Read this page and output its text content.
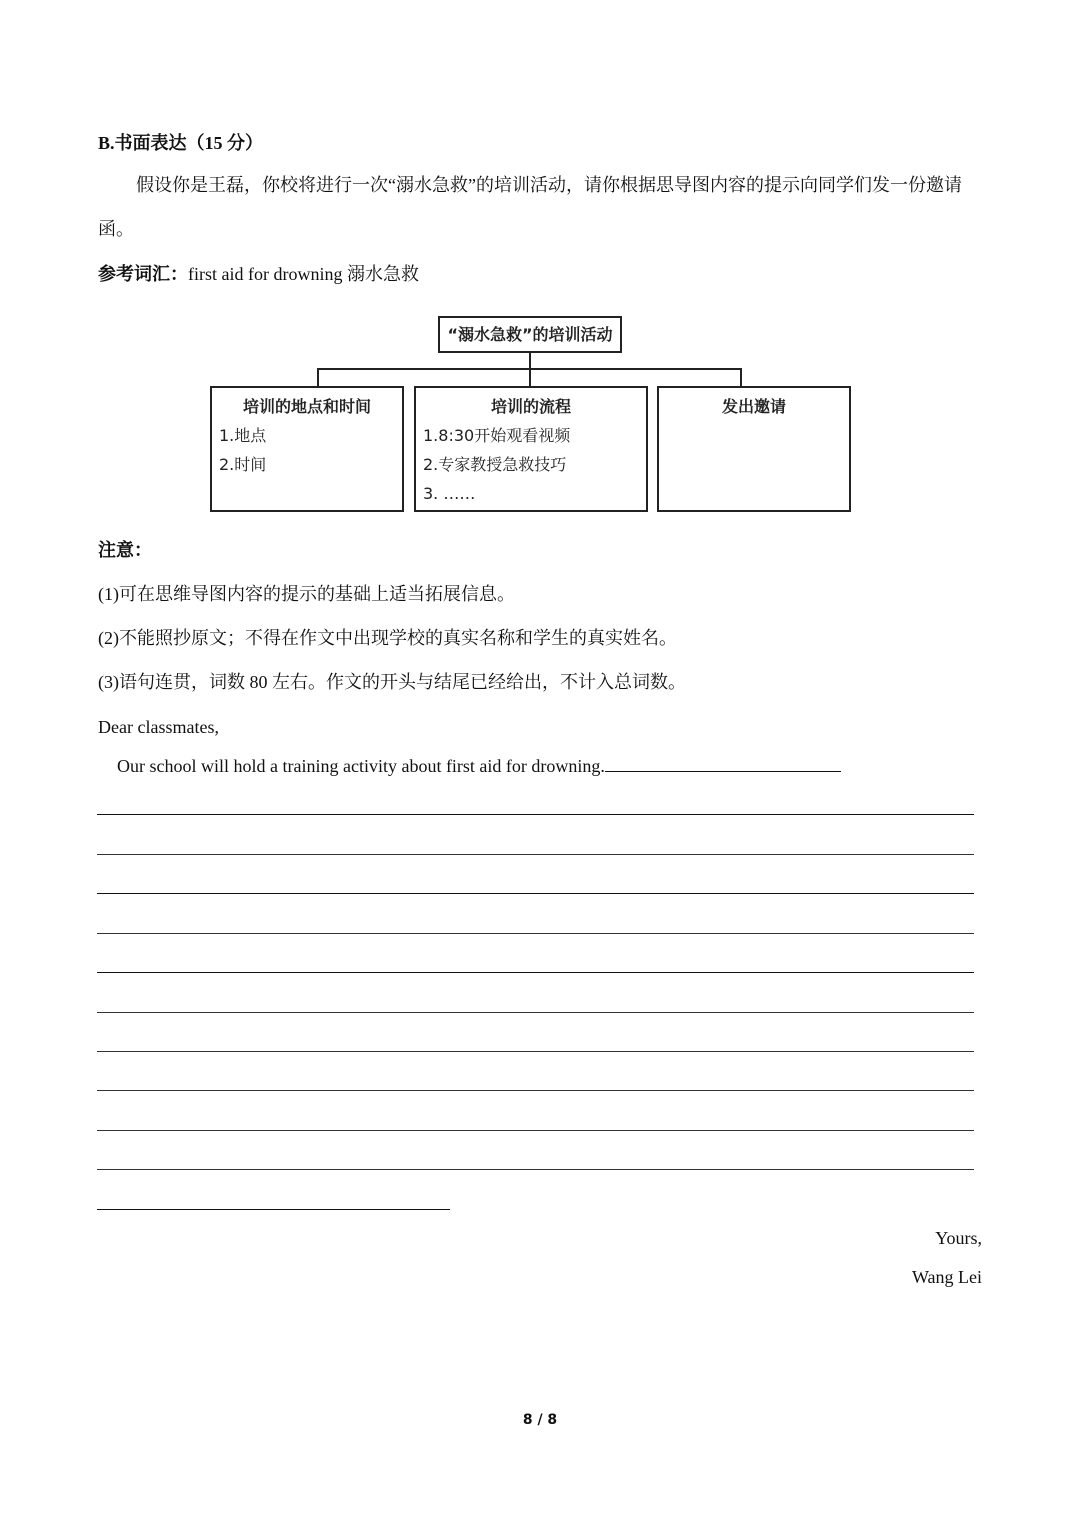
B.书面表达（15 分）
假设你是王磊，你校将进行一次“溺水急救”的培训活动，请你根据思导图内容的提示向同学们发一份邀请函。
参考词汇：first aid for drowning 溺水急救
“溺水急救”的培训活动
培训的地点和时间
1.地点
2.时间
培训的流程
1.8:30开始观看视频
2.专家教授急救技巧
3. ……
发出邀请
注意：
(1)可在思维导图内容的提示的基础上适当拓展信息。
(2)不能照抄原文；不得在作文中出现学校的真实名称和学生的真实姓名。
(3)语句连贯，词数 80 左右。作文的开头与结尾已经给出，不计入总词数。
Dear classmates,
Our school will hold a training activity about first aid for drowning.
Yours,
Wang Lei
8 / 8
